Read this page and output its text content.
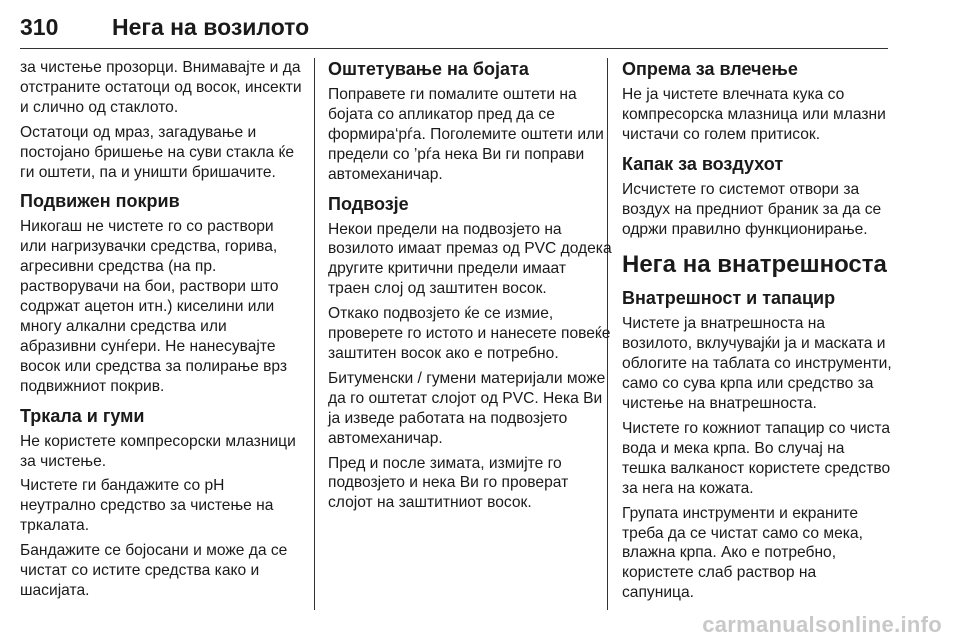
310 Нега на возилото

за чистење прозорци. Внимавајте и да отстраните остатоци од восок, инсекти и слично од стаклото.

Остатоци од мраз, загадување и постојано бришење на суви стакла ќе ги оштети, па и уништи бришачите.

Подвижен покрив

Никогаш не чистете го со раствори или нагризувачки средства, горива, агресивни средства (на пр. растворувачи на бои, раствори што содржат ацетон итн.) киселини или многу алкални средства или абразивни сунѓери. Не нанесувајте восок или средства за полирање врз подвижниот покрив.

Тркала и гуми

Не користете компресорски млазници за чистење.

Чистете ги бандажите со pH неутрално средство за чистење на тркалата.

Бандажите се бојосани и може да се чистат со истите средства како и шасијата.

Оштетување на бојата

Поправете ги помалите оштети на бојата со апликатор пред да се формира‘рѓа. Поголемите оштети или предели со ’рѓа нека Ви ги поправи автомеханичар.

Подвозје

Некои предели на подвозјето на возилото имаат премаз од PVC додека другите критични предели имаат траен слој од заштитен восок.

Откако подвозјето ќе се измие, проверете го истото и нанесете повеќе заштитен восок ако е потребно.

Битуменски / гумени материјали може да го оштетат слојот од PVC. Нека Ви ја изведе работата на подвозјето автомеханичар.

Пред и после зимата, измијте го подвозјето и нека Ви го проверат слојот на заштитниот восок.

Опрема за влечење

Не ја чистете влечната кука со компресорска млазница или млазни чистачи со голем притисок.

Капак за воздухот

Исчистете го системот отвори за воздух на предниот браник за да се одржи правилно функционирање.

Нега на внатрешноста
Внатрешност и тапацир

Чистете ја внатрешноста на возилото, вклучувајќи ја и маската и облогите на таблата со инструменти, само со сува крпа или средство за чистење на внатрешноста.

Чистете го кожниот тапацир со чиста вода и мека крпа. Во случај на тешка валканост користете средство за нега на кожата.

Групата инструменти и екраните треба да се чистат само со мека, влажна крпа. Ако е потребно, користете слаб раствор на сапуница.

carmanualsonline.info
